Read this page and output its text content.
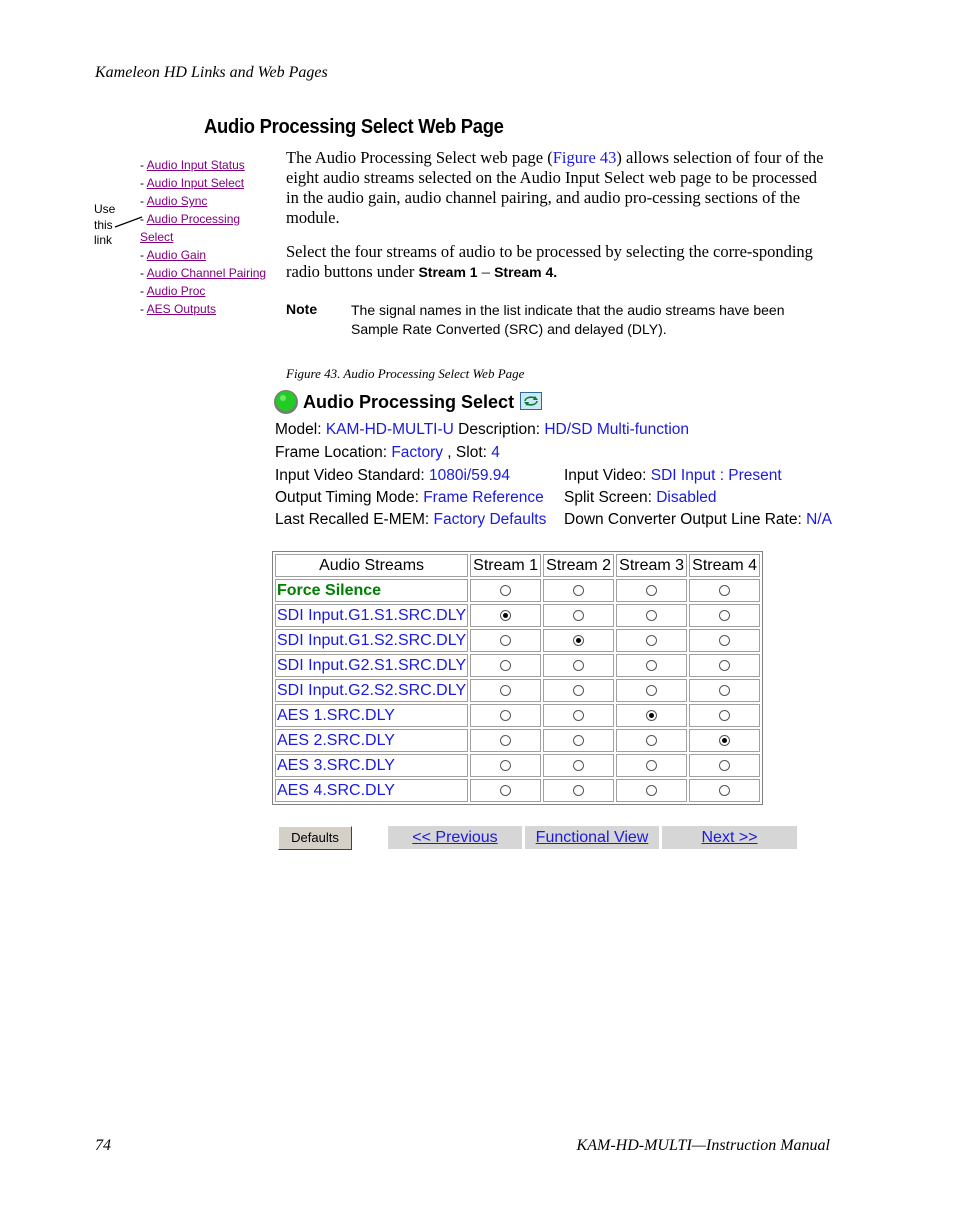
Kameleon HD Links and Web Pages
Audio Processing Select Web Page
- Audio Input Status
- Audio Input Select
- Audio Sync
- Audio Processing
Select
- Audio Gain
- Audio Channel Pairing
- Audio Proc
- AES Outputs
Use
this
link
The Audio Processing Select web page (Figure 43) allows selection of four of the eight audio streams selected on the Audio Input Select web page to be processed in the audio gain, audio channel pairing, and audio pro-cessing sections of the module.
Select the four streams of audio to be processed by selecting the corre-sponding radio buttons under Stream 1 – Stream 4.
Note The signal names in the list indicate that the audio streams have been Sample Rate Converted (SRC) and delayed (DLY).
Figure 43. Audio Processing Select Web Page
Audio Processing Select
Model: KAM-HD-MULTI-U Description: HD/SD Multi-function
Frame Location: Factory , Slot: 4
Input Video Standard: 1080i/59.94	Input Video: SDI Input : Present
Output Timing Mode: Frame Reference Split Screen: Disabled
Last Recalled E-MEM: Factory Defaults Down Converter Output Line Rate: N/A
Audio Streams	Stream 1	Stream 2	Stream 3	Stream 4
Force Silence				
SDI Input.G1.S1.SRC.DLY				
SDI Input.G1.S2.SRC.DLY				
SDI Input.G2.S1.SRC.DLY				
SDI Input.G2.S2.SRC.DLY				
AES 1.SRC.DLY				
AES 2.SRC.DLY				
AES 3.SRC.DLY				
AES 4.SRC.DLY				
Defaults	<< Previous	Functional View	Next >>
74	KAM-HD-MULTI—Instruction Manual
